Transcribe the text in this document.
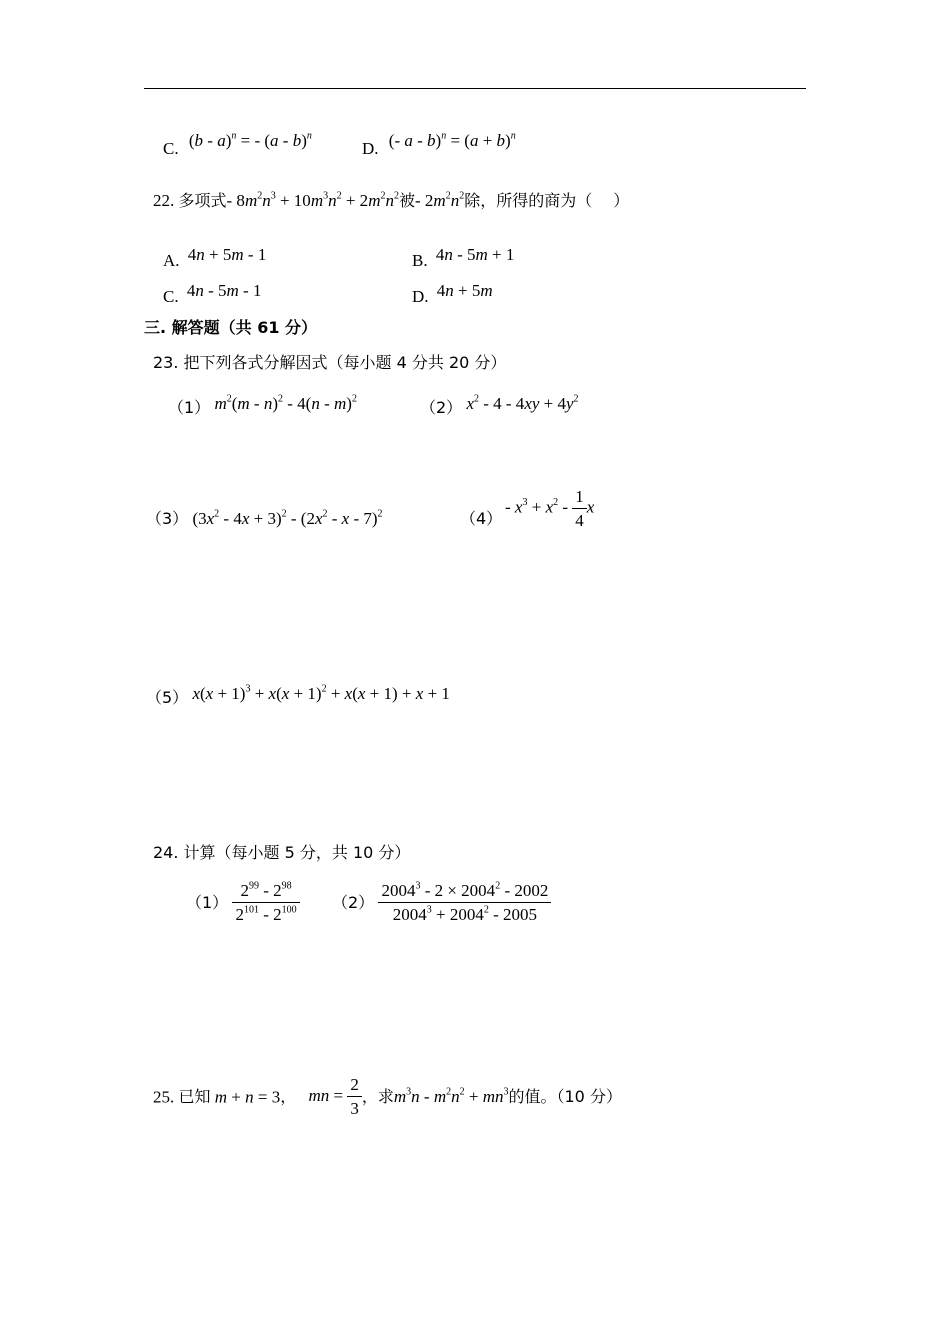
C. (b - a)$^n$ = - (a - b)$^n$
D. (- $a - b)^n = (a + b)^n$
22. 多项式- $8m^2n^3 + 10m^3n^2 + 2m^2n^2$被- $2m^2n^2$除，所得的商为（　 ）
A. 4n + 5m - 1	B. 4n - 5m + 1
C. 4n - 5m - 1	D. 4n + 5m
三. 解答题（共 61 分）
23. 把下列各式分解因式（每小题 4 分共 20 分）
（1） $m^2(m - n)^2 - 4(n - m)^2$	（2） $x^2 - 4 - 4xy + 4y^2$
（3） $(3x^2 - 4x + 3)^2 - (2x^2 - x - 7)^2$	（4）
- $x^3 + x^2 - \frac{1}{4}$ x
（5） $x(x + 1)^3 + x(x + 1)^2 + x(x + 1) + x + 1$
24. 计算（每小题 5 分，共 10 分）
$(1) \frac{2^{99} - 2^{98}}{2^{101} - 2^{100}} (2) \frac{2004^3 - 2 \times 2004^2 - 2002}{2004^3 + 2004^2 - 2005}$
25. 已知 m + n = 3， mn = $\frac{2}{3}$ ，求$m^3n - m^2n^2 + mn^3$的值。（10 分）
